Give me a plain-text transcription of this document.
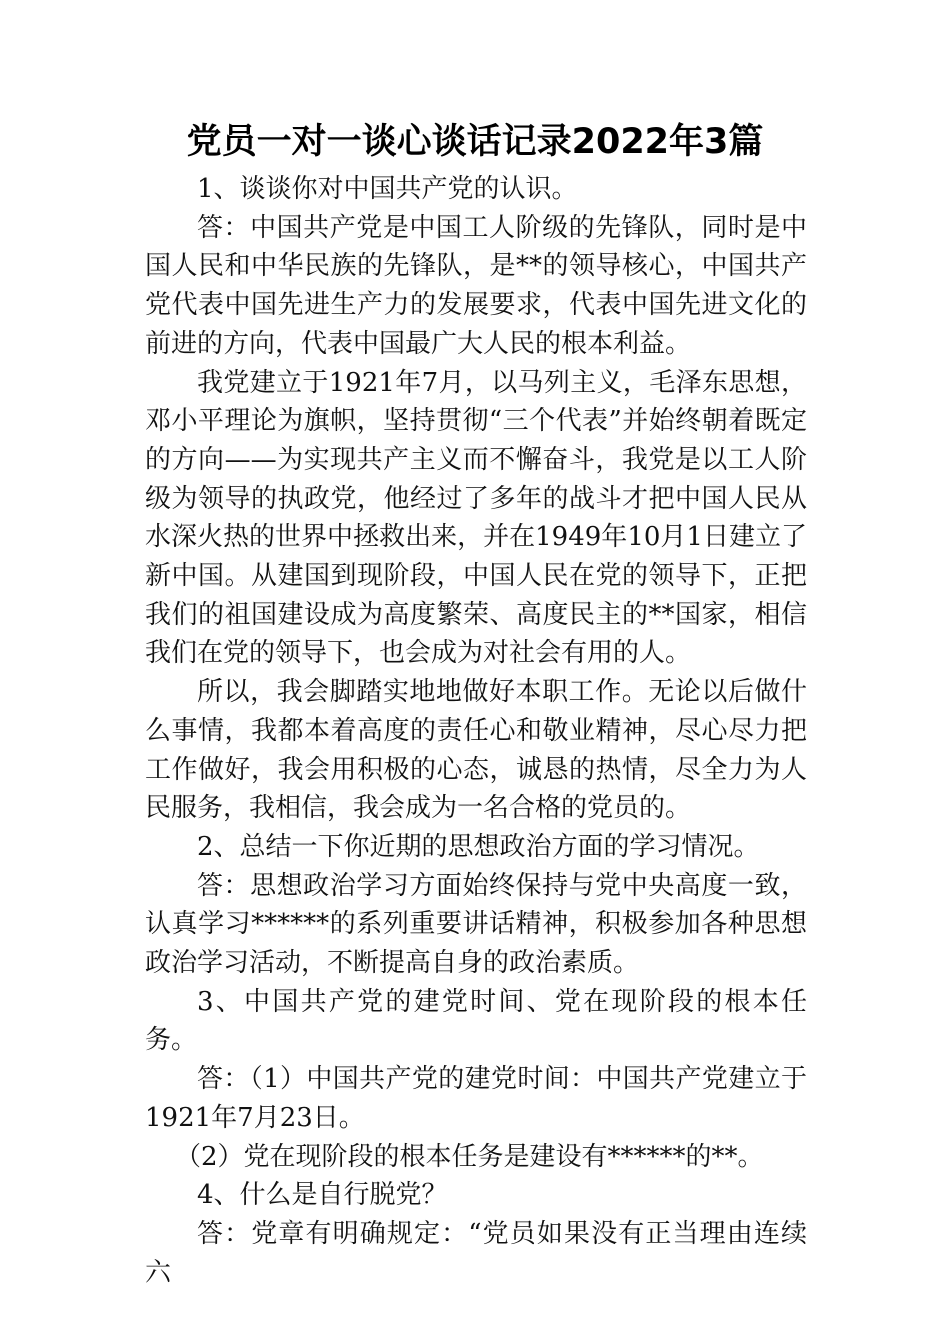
党员一对一谈心谈话记录2022年3篇

1、谈谈你对中国共产党的认识。

答：中国共产党是中国工人阶级的先锋队，同时是中国人民和中华民族的先锋队，是**的领导核心，中国共产党代表中国先进生产力的发展要求，代表中国先进文化的前进的方向，代表中国最广大人民的根本利益。

我党建立于1921年7月，以马列主义，毛泽东思想，邓小平理论为旗帜，坚持贯彻“三个代表”并始终朝着既定的方向——为实现共产主义而不懈奋斗，我党是以工人阶级为领导的执政党，他经过了多年的战斗才把中国人民从水深火热的世界中拯救出来，并在1949年10月1日建立了新中国。从建国到现阶段，中国人民在党的领导下，正把我们的祖国建设成为高度繁荣、高度民主的**国家，相信我们在党的领导下，也会成为对社会有用的人。

所以，我会脚踏实地地做好本职工作。无论以后做什么事情，我都本着高度的责任心和敬业精神，尽心尽力把工作做好，我会用积极的心态，诚恳的热情，尽全力为人民服务，我相信，我会成为一名合格的党员的。

2、总结一下你近期的思想政治方面的学习情况。

答：思想政治学习方面始终保持与党中央高度一致，认真学习******的系列重要讲话精神，积极参加各种思想政治学习活动，不断提高自身的政治素质。

3、中国共产党的建党时间、党在现阶段的根本任务。

答：（1）中国共产党的建党时间：中国共产党建立于1921年7月23日。

（2）党在现阶段的根本任务是建设有******的**。

4、什么是自行脱党？

答：党章有明确规定：“党员如果没有正当理由连续六
